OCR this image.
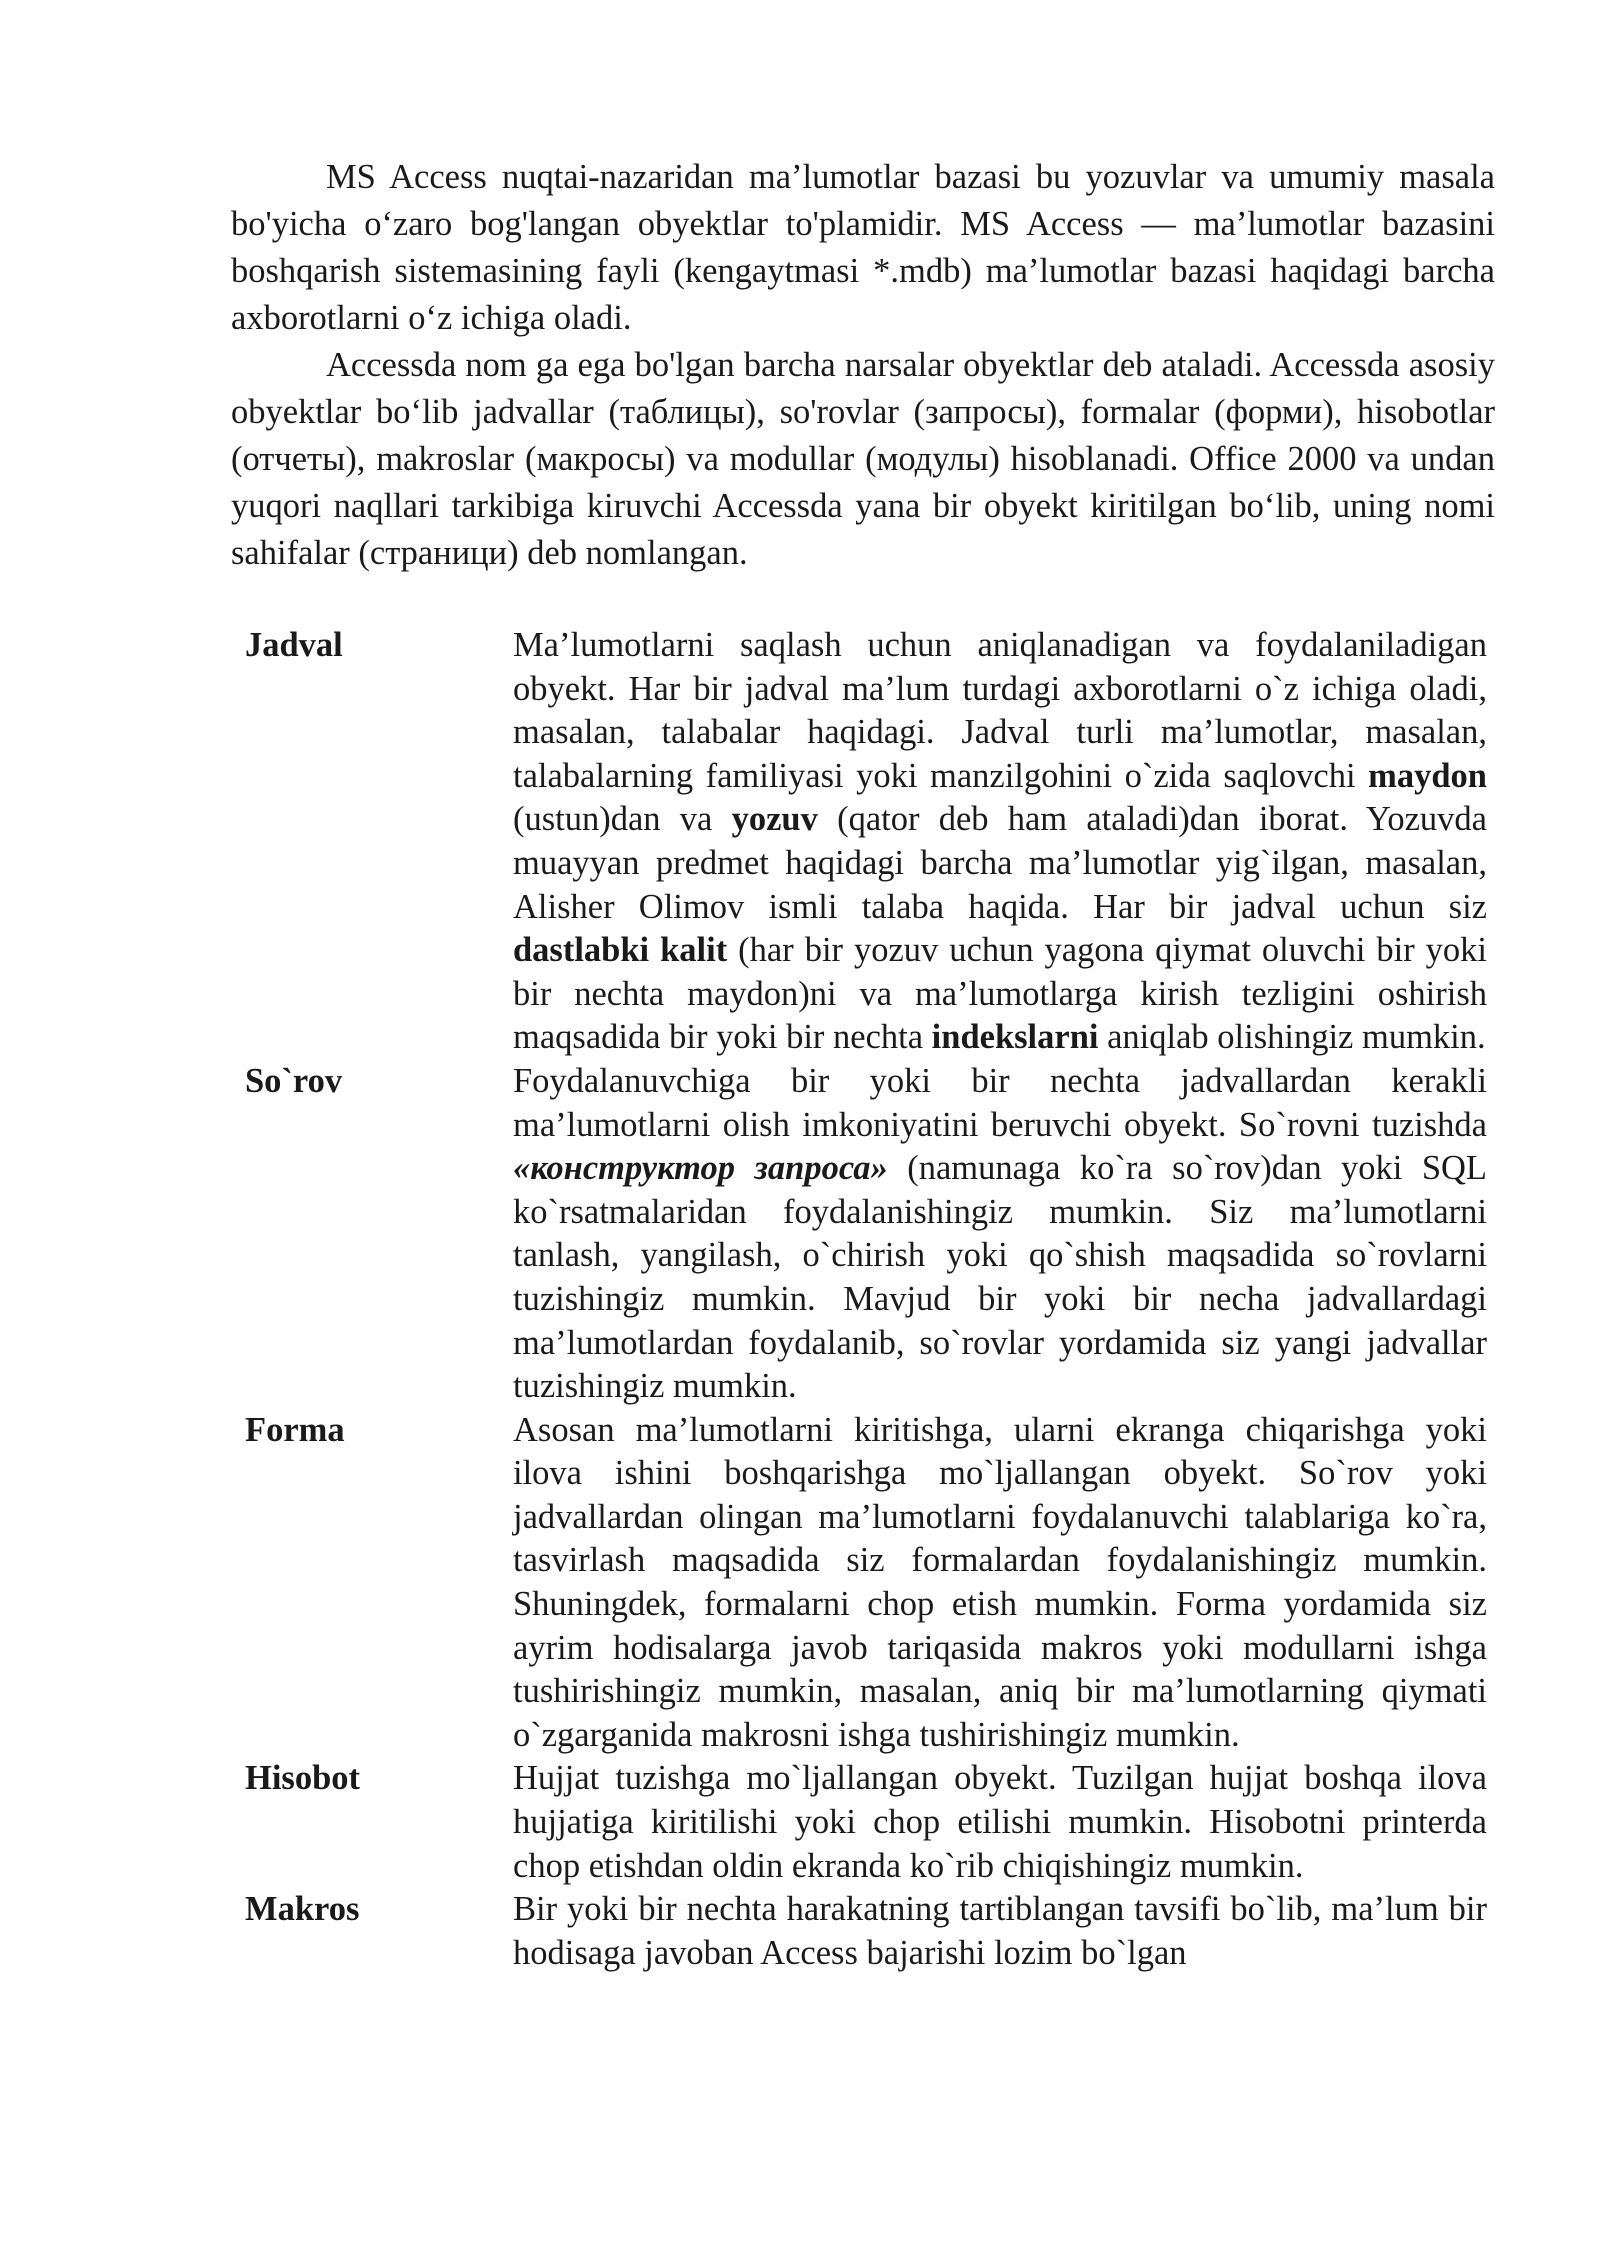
MS Access nuqtai-nazaridan ma’lumotlar bazasi bu yozuvlar va umumiy masala bo'yicha o‘zaro bog'langan obyektlar to'plamidir. MS Access — ma’lumotlar bazasini boshqarish sistemasining fayli (kengaytmasi *.mdb) ma’lumotlar bazasi haqidagi barcha axborotlarni o‘z ichiga oladi.

Accessda nom ga ega bo'lgan barcha narsalar obyektlar deb ataladi. Accessda asosiy obyektlar bo‘lib jadvallar (таблицы), so'rovlar (запросы), formalar (форми), hisobotlar (отчеты), makroslar (макросы) va modullar (модулы) hisoblanadi. Office 2000 va undan yuqori naqllari tarkibiga kiruvchi Accessda yana bir obyekt kiritilgan bo‘lib, uning nomi sahifalar (страници) deb nomlangan.

Jadval	Ma’lumotlarni saqlash uchun aniqlanadigan va foydalaniladigan obyekt. Har bir jadval ma’lum turdagi axborotlarni o`z ichiga oladi, masalan, talabalar haqidagi. Jadval turli ma’lumotlar, masalan, talabalarning familiyasi yoki manzilgohini o`zida saqlovchi maydon (ustun)dan va yozuv (qator deb ham ataladi)dan iborat. Yozuvda muayyan predmet haqidagi barcha ma’lumotlar yig`ilgan, masalan, Alisher Olimov ismli talaba haqida. Har bir jadval uchun siz dastlabki kalit (har bir yozuv uchun yagona qiymat oluvchi bir yoki bir nechta maydon)ni va ma’lumotlarga kirish tezligini oshirish maqsadida bir yoki bir nechta indekslarni aniqlab olishingiz mumkin.
So`rov	Foydalanuvchiga bir yoki bir nechta jadvallardan kerakli ma’lumotlarni olish imkoniyatini beruvchi obyekt. So`rovni tuzishda «конструктор запроса» (namunaga ko`ra so`rov)dan yoki SQL ko`rsatmalaridan foydalanishingiz mumkin. Siz ma’lumotlarni tanlash, yangilash, o`chirish yoki qo`shish maqsadida so`rovlarni tuzishingiz mumkin. Mavjud bir yoki bir necha jadvallardagi ma’lumotlardan foydalanib, so`rovlar yordamida siz yangi jadvallar tuzishingiz mumkin.
Forma	Asosan ma’lumotlarni kiritishga, ularni ekranga chiqarishga yoki ilova ishini boshqarishga mo`ljallangan obyekt. So`rov yoki jadvallardan olingan ma’lumotlarni foydalanuvchi talablariga ko`ra, tasvirlash maqsadida siz formalardan foydalanishingiz mumkin. Shuningdek, formalarni chop etish mumkin. Forma yordamida siz ayrim hodisalarga javob tariqasida makros yoki modullarni ishga tushirishingiz mumkin, masalan, aniq bir ma’lumotlarning qiymati o`zgarganida makrosni ishga tushirishingiz mumkin.
Hisobot	Hujjat tuzishga mo`ljallangan obyekt. Tuzilgan hujjat boshqa ilova hujjatiga kiritilishi yoki chop etilishi mumkin. Hisobotni printerda chop etishdan oldin ekranda ko`rib chiqishingiz mumkin.
Makros	Bir yoki bir nechta harakatning tartiblangan tavsifi bo`lib, ma’lum bir hodisaga javoban Access bajarishi lozim bo`lgan
